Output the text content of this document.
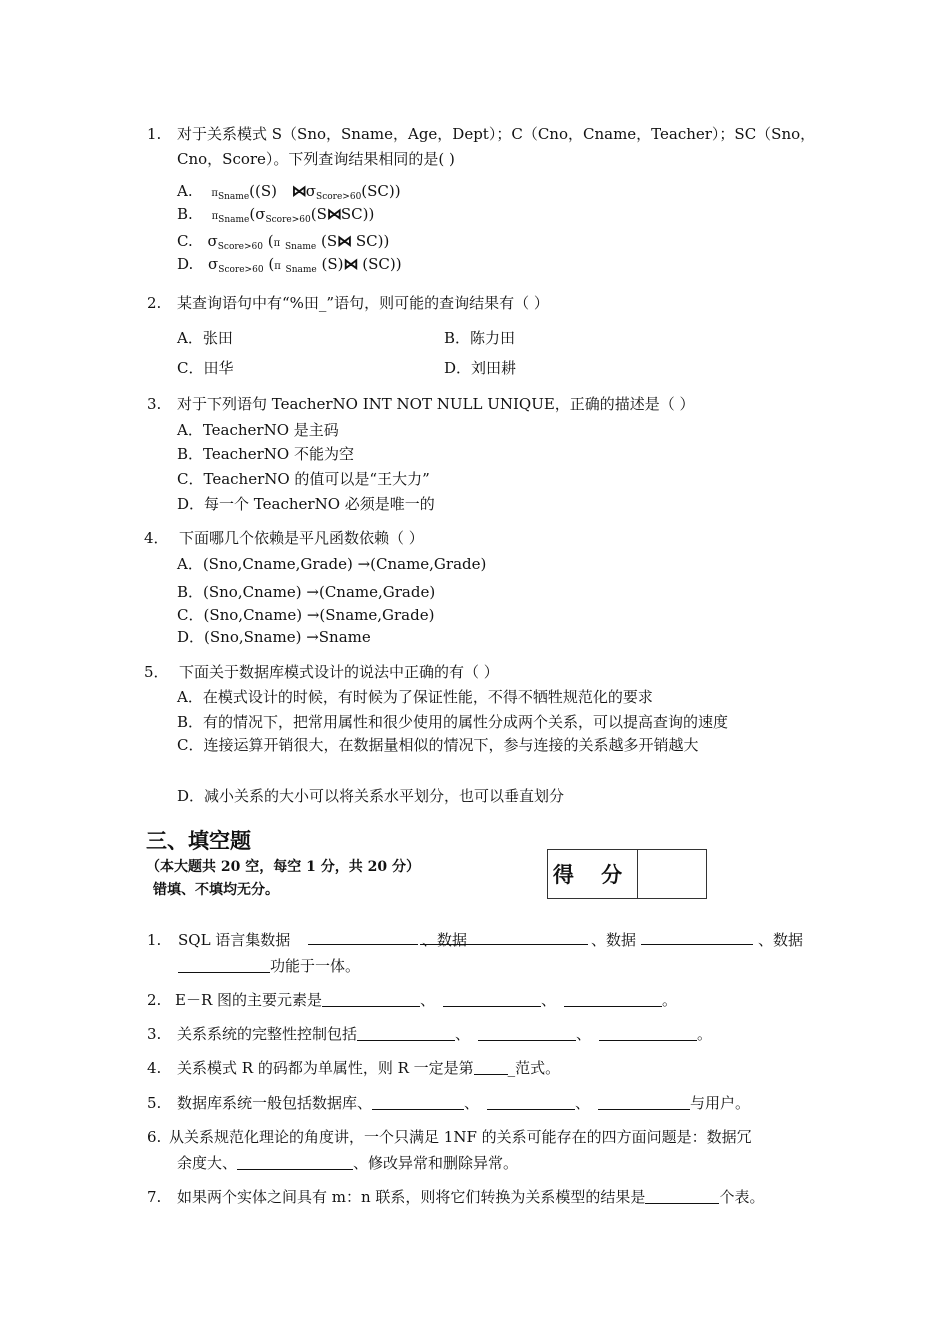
1. 对于关系模式 S（Sno，Sname，Age，Dept）；C（Cno，Cname，Teacher）；SC（Sno，
Cno，Score）。下列查询结果相同的是( )
A. $\pi_{Sname}((S)$ $⋈\sigma_{Score>60}(SC)$)
B. $\pi_{Sname}(\sigma_{Score>60}(S⋈SC))$
C. $\sigma_{Score>60}$ (π $_{Sname}$ (S⋈ SC))
D. $\sigma_{Score>60}$ (π $_{Sname}$ (S)⋈ (SC))
2. 某查询语句中有“%田_”语句，则可能的查询结果有（ ）
A．张田	B．陈力田
C．田华	D．刘田耕
3. 对于下列语句 TeacherNO INT NOT NULL UNIQUE，正确的描述是（ ）
A．TeacherNO 是主码
B．TeacherNO 不能为空
C．TeacherNO 的值可以是“王大力”
D．每一个 TeacherNO 必须是唯一的
4． 下面哪几个依赖是平凡函数依赖（ ）
A．(Sno,Cname,Grade) →(Cname,Grade)
B．(Sno,Cname) →(Cname,Grade)
C．(Sno,Cname) →(Sname,Grade)
D．(Sno,Sname) →Sname
5． 下面关于数据库模式设计的说法中正确的有（ ）
A．在模式设计的时候，有时候为了保证性能，不得不牺牲规范化的要求
B．有的情况下，把常用属性和很少使用的属性分成两个关系，可以提高查询的速度
C．连接运算开销很大，在数据量相似的情况下，参与连接的关系越多开销越大
D．减小关系的大小可以将关系水平划分，也可以垂直划分
三、填空题
（本大题共 20 空，每空 1 分，共 20 分）
错填、不填均无分。
得 分
1. SQL 语言集数据	、数据	、数据	、数据
功能于一体。
2. E－R 图的主要元素是	、	、	。
3. 关系系统的完整性控制包括	、	、	。
4. 关系模式 R 的码都为单属性，则 R 一定是第 _范式。
5. 数据库系统一般包括数据库、	、	、	与用户。
6. 从关系规范化理论的角度讲，一个只满足 1NF 的关系可能存在的四方面问题是：数据冗
余度大、	、修改异常和删除异常。
7. 如果两个实体之间具有 m：n 联系，则将它们转换为关系模型的结果是	个表。
